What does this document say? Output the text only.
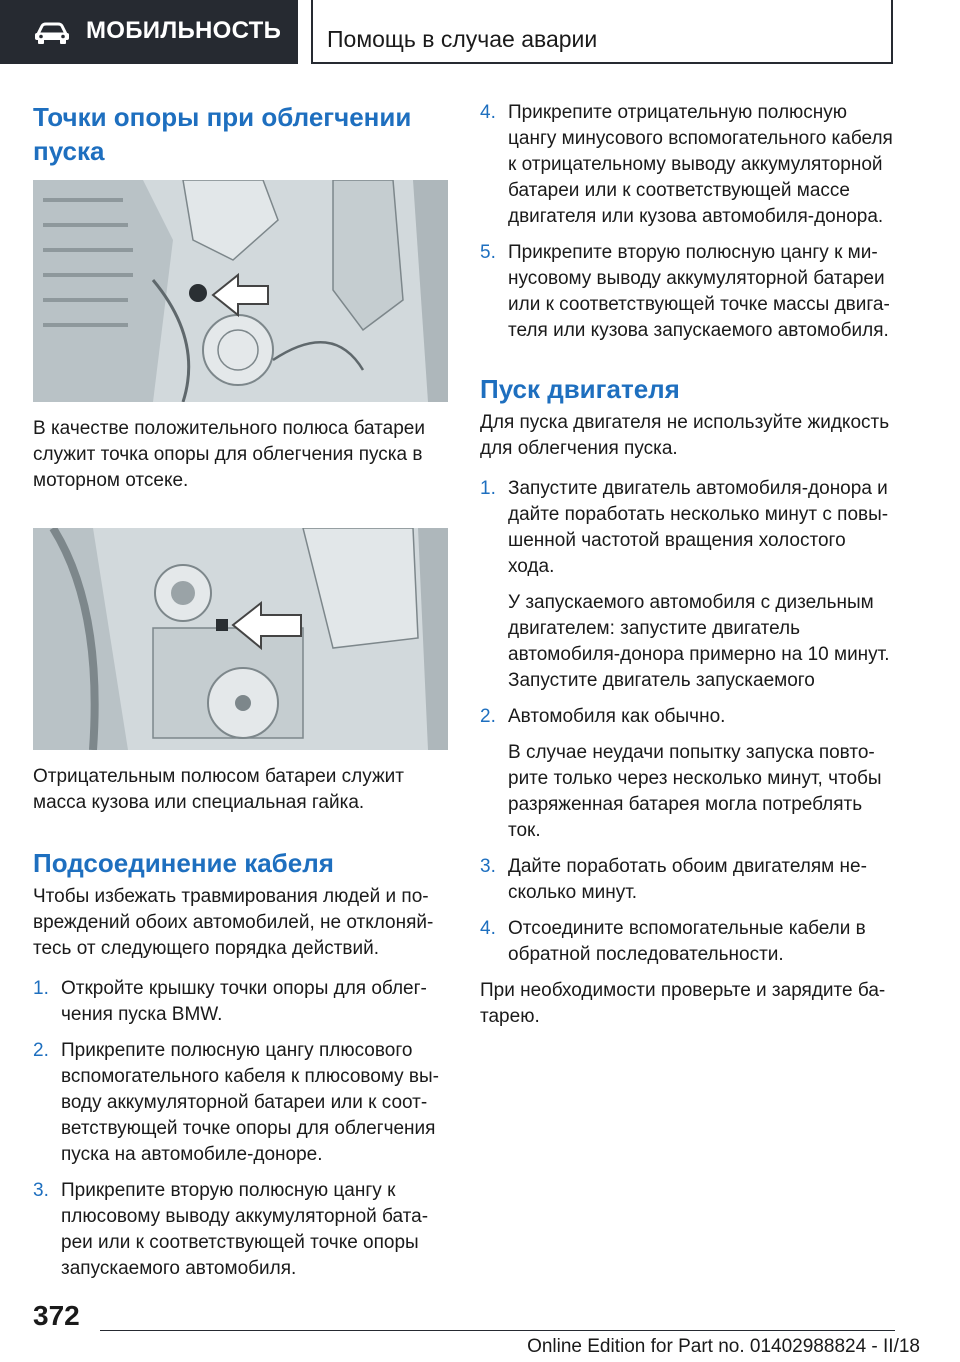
МОБИЛЬНОСТЬ Помощь в случае аварии
Точки опоры при облегчении пуска

В качестве положительного полюса батареи служит точка опоры для облегчения пуска в моторном отсеке.

Отрицательным полюсом батареи служит масса кузова или специальная гайка.

Подсоединение кабеля

Чтобы избежать травмирования людей и повреждений обоих автомобилей, не отклоняйтесь от следующего порядка действий.

1. Откройте крышку точки опоры для облегчения пуска BMW.
2. Прикрепите полюсную цангу плюсового вспомогательного кабеля к плюсовому выводу аккумуляторной батареи или к соответствующей точке опоры для облегчения пуска на автомобиле-доноре.
3. Прикрепите вторую полюсную цангу к плюсовому выводу аккумуляторной батареи или к соответствующей точке опоры запускаемого автомобиля.
4. Прикрепите отрицательную полюсную цангу минусового вспомогательного кабеля к отрицательному выводу аккумуляторной батареи или к соответствующей массе двигателя или кузова автомобиля-донора.
5. Прикрепите вторую полюсную цангу к минусовому выводу аккумуляторной батареи или к соответствующей точке массы двигателя или кузова запускаемого автомобиля.
Пуск двигателя

Для пуска двигателя не используйте жидкость для облегчения пуска.

1. Запустите двигатель автомобиля-донора и дайте поработать несколько минут с повышенной частотой вращения холостого хода.
У запускаемого автомобиля с дизельным двигателем: запустите двигатель автомобиля-донора примерно на 10 минут. Запустите двигатель запускаемого
2. Автомобиля как обычно.
В случае неудачи попытку запуска повторите только через несколько минут, чтобы разряженная батарея могла потреблять ток.
3. Дайте поработать обоим двигателям несколько минут.
4. Отсоедините вспомогательные кабели в обратной последовательности.

При необходимости проверьте и зарядите батарею.

372
Online Edition for Part no. 01402988824 - II/18
